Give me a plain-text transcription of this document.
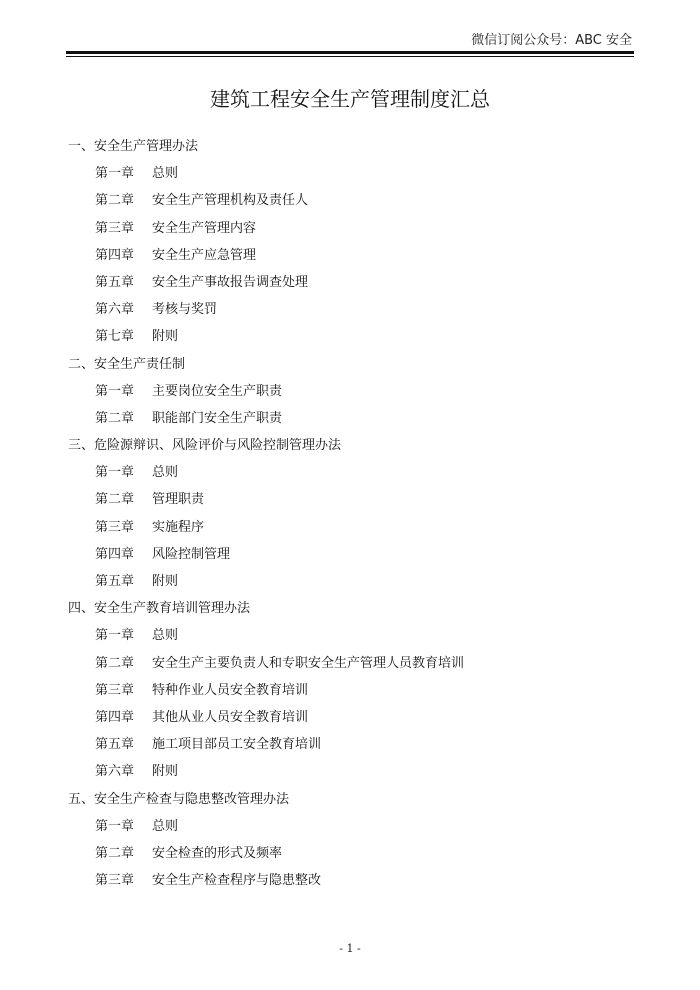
微信订阅公众号：ABC 安全
建筑工程安全生产管理制度汇总
一、安全生产管理办法
第一章 总则
第二章 安全生产管理机构及责任人
第三章 安全生产管理内容
第四章 安全生产应急管理
第五章 安全生产事故报告调查处理
第六章 考核与奖罚
第七章 附则
二、安全生产责任制
第一章 主要岗位安全生产职责
第二章 职能部门安全生产职责
三、危险源辩识、风险评价与风险控制管理办法
第一章 总则
第二章 管理职责
第三章 实施程序
第四章 风险控制管理
第五章 附则
四、安全生产教育培训管理办法
第一章 总则
第二章 安全生产主要负责人和专职安全生产管理人员教育培训
第三章 特种作业人员安全教育培训
第四章 其他从业人员安全教育培训
第五章 施工项目部员工安全教育培训
第六章 附则
五、安全生产检查与隐患整改管理办法
第一章 总则
第二章 安全检查的形式及频率
第三章 安全生产检查程序与隐患整改
- 1 -
